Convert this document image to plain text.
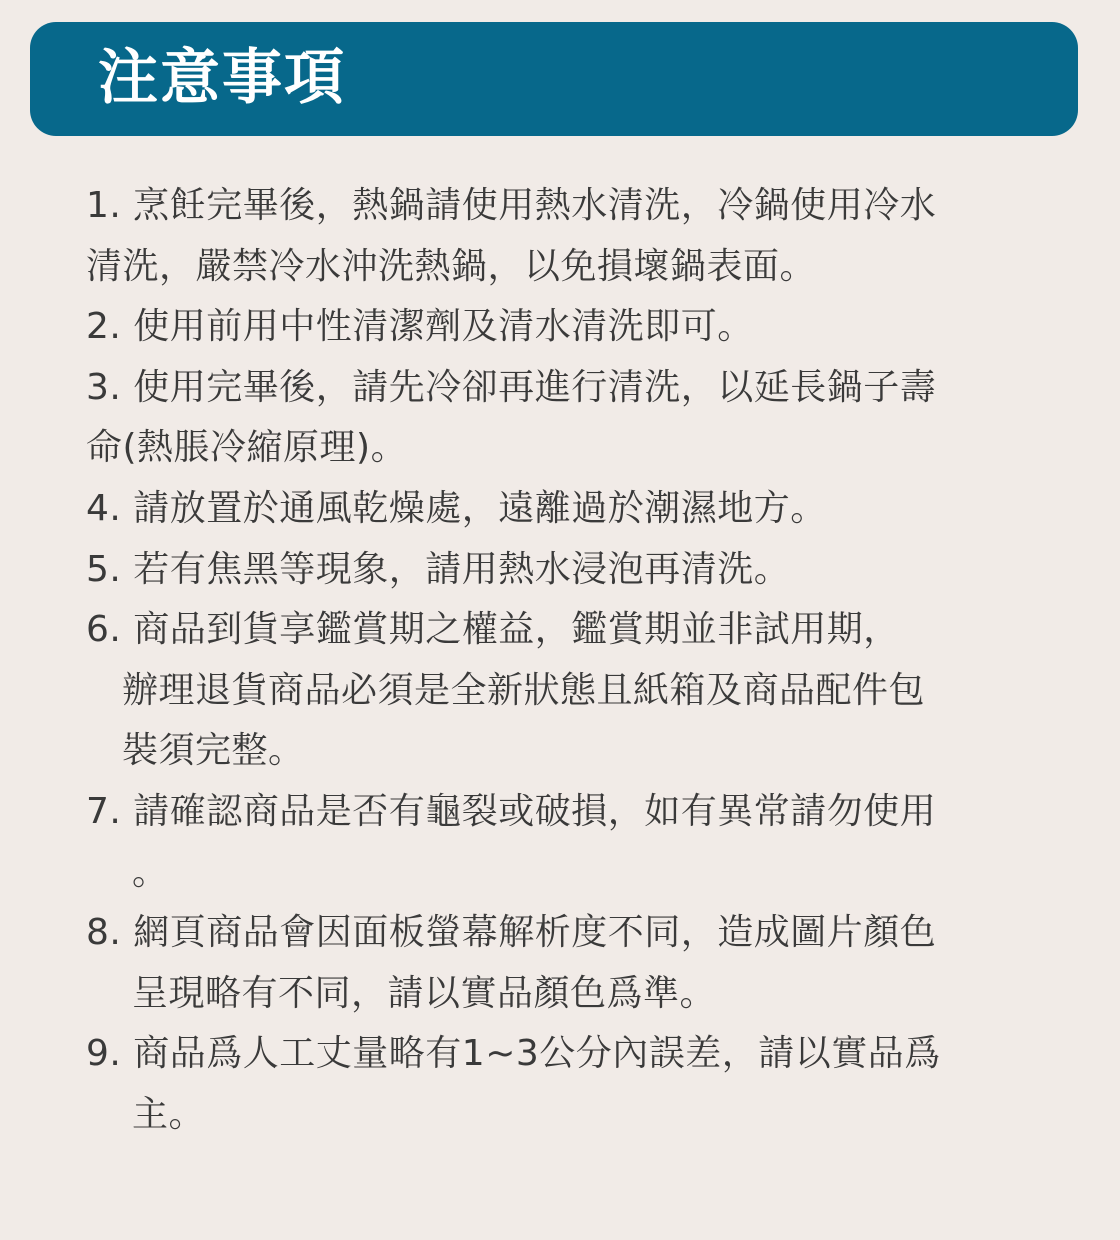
注意事項
1. 烹飪完畢後，熱鍋請使用熱水清洗，冷鍋使用冷水
清洗，嚴禁冷水沖洗熱鍋，以免損壞鍋表面。
2. 使用前用中性清潔劑及清水清洗即可。
3. 使用完畢後，請先冷卻再進行清洗，以延長鍋子壽
命(熱脹冷縮原理)。
4. 請放置於通風乾燥處，遠離過於潮濕地方。
5. 若有焦黑等現象，請用熱水浸泡再清洗。
6. 商品到貨享鑑賞期之權益，鑑賞期並非試用期，
辦理退貨商品必須是全新狀態且紙箱及商品配件包
裝須完整。
7. 請確認商品是否有龜裂或破損，如有異常請勿使用
。
8. 網頁商品會因面板螢幕解析度不同，造成圖片顏色
呈現略有不同，請以實品顏色爲準。
9. 商品爲人工丈量略有1~3公分內誤差，請以實品爲
主。
